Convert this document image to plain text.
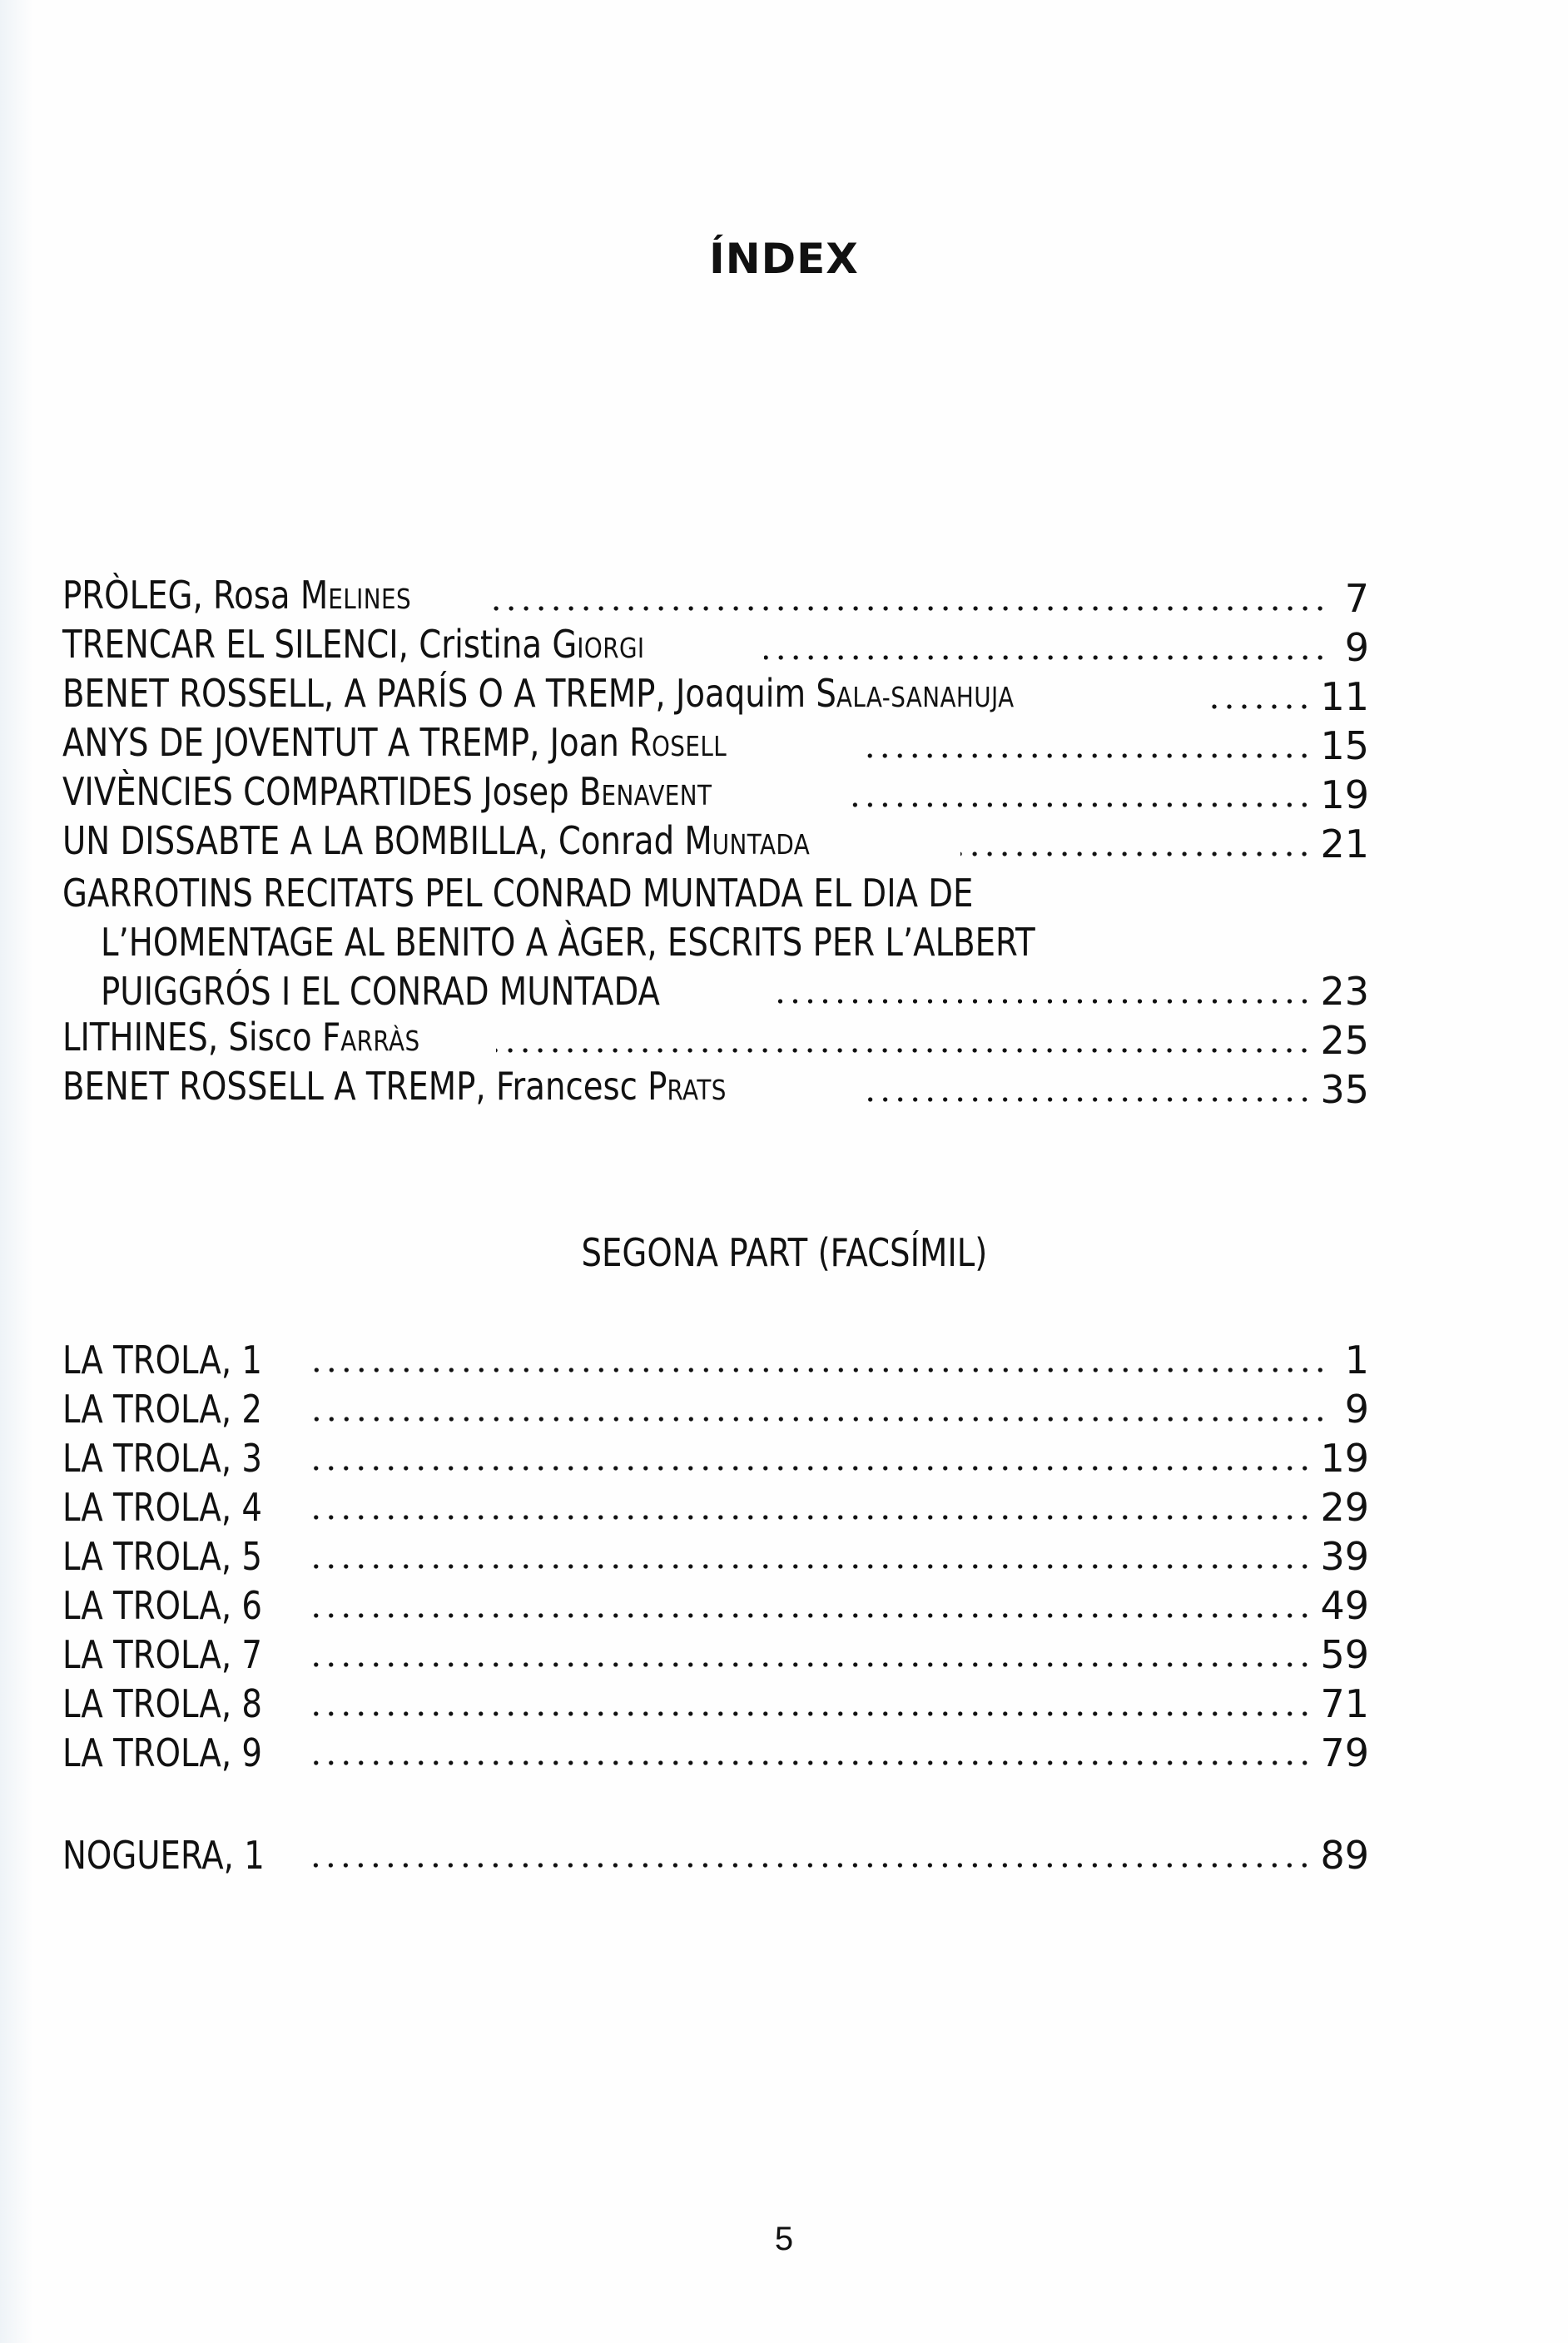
ÍNDEX
PRÒLEG, Rosa MELINES	7
TRENCAR EL SILENCI, Cristina GIORGI	9
BENET ROSSELL, A PARÍS O A TREMP, Joaquim SALA-SANAHUJA	11
ANYS DE JOVENTUT A TREMP, Joan ROSELL	15
VIVÈNCIES COMPARTIDES Josep BENAVENT	19
UN DISSABTE A LA BOMBILLA, Conrad MUNTADA	21
GARROTINS RECITATS PEL CONRAD MUNTADA EL DIA DE
L’HOMENTAGE AL BENITO A ÀGER, ESCRITS PER L’ALBERT
PUIGGRÓS I EL CONRAD MUNTADA	23
LITHINES, Sisco FARRÀS	25
BENET ROSSELL A TREMP, Francesc PRATS	35
SEGONA PART (FACSÍMIL)
LA TROLA, 1	1
LA TROLA, 2	9
LA TROLA, 3	19
LA TROLA, 4	29
LA TROLA, 5	39
LA TROLA, 6	49
LA TROLA, 7	59
LA TROLA, 8	71
LA TROLA, 9	79
NOGUERA, 1	89
5
